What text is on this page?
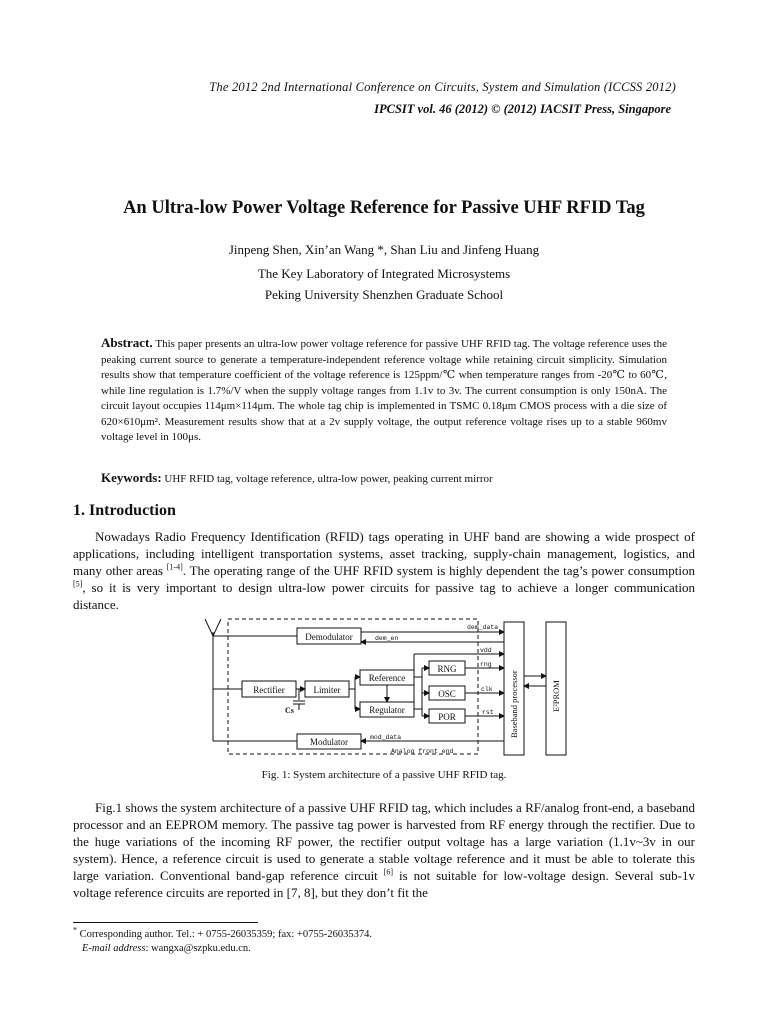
The 2012 2nd International Conference on Circuits, System and Simulation (ICCSS 2012)
IPCSIT vol. 46 (2012) © (2012) IACSIT Press, Singapore
An Ultra-low Power Voltage Reference for Passive UHF RFID Tag
Jinpeng Shen, Xin’an Wang *, Shan Liu and Jinfeng Huang
The Key Laboratory of Integrated Microsystems
Peking University Shenzhen Graduate School
Abstract. This paper presents an ultra-low power voltage reference for passive UHF RFID tag. The voltage reference uses the peaking current source to generate a temperature-independent reference voltage while retaining circuit simplicity. Simulation results show that temperature coefficient of the voltage reference is 125ppm/℃ when temperature ranges from -20℃ to 60℃, while line regulation is 1.7%/V when the supply voltage ranges from 1.1v to 3v. The current consumption is only 150nA. The circuit layout occupies 114μm×114μm. The whole tag chip is implemented in TSMC 0.18μm CMOS process with a die size of 620×610μm². Measurement results show that at a 2v supply voltage, the output reference voltage rises up to a stable 960mv voltage level in 100μs.
Keywords: UHF RFID tag, voltage reference, ultra-low power, peaking current mirror
1. Introduction
Nowadays Radio Frequency Identification (RFID) tags operating in UHF band are showing a wide prospect of applications, including intelligent transportation systems, asset tracking, supply-chain management, logistics, and many other areas [1-4]. The operating range of the UHF RFID system is highly dependent the tag’s power consumption [5], so it is very important to design ultra-low power circuits for passive tag to achieve a longer communication distance.
Demodulator
Rectifier	Limiter
Reference
Regulator
Modulator
RNG
OSC
POR	Baseband processor	E²PROM
Cs
dem_data
dem_en
vdd
rng
clk
rst
mod_data
Analog front end
Fig. 1: System architecture of a passive UHF RFID tag.
Fig.1 shows the system architecture of a passive UHF RFID tag, which includes a RF/analog front-end, a baseband processor and an EEPROM memory. The passive tag power is harvested from RF energy through the rectifier. Due to the huge variations of the incoming RF power, the rectifier output voltage has a large variation (1.1v~3v in our system). Hence, a reference circuit is used to generate a stable voltage reference and it must be able to tolerate this large variation. Conventional band-gap reference circuit [6] is not suitable for low-voltage design. Several sub-1v voltage reference circuits are reported in [7, 8], but they don’t fit the
* Corresponding author. Tel.: + 0755-26035359; fax: +0755-26035374.
E-mail address: wangxa@szpku.edu.cn.
